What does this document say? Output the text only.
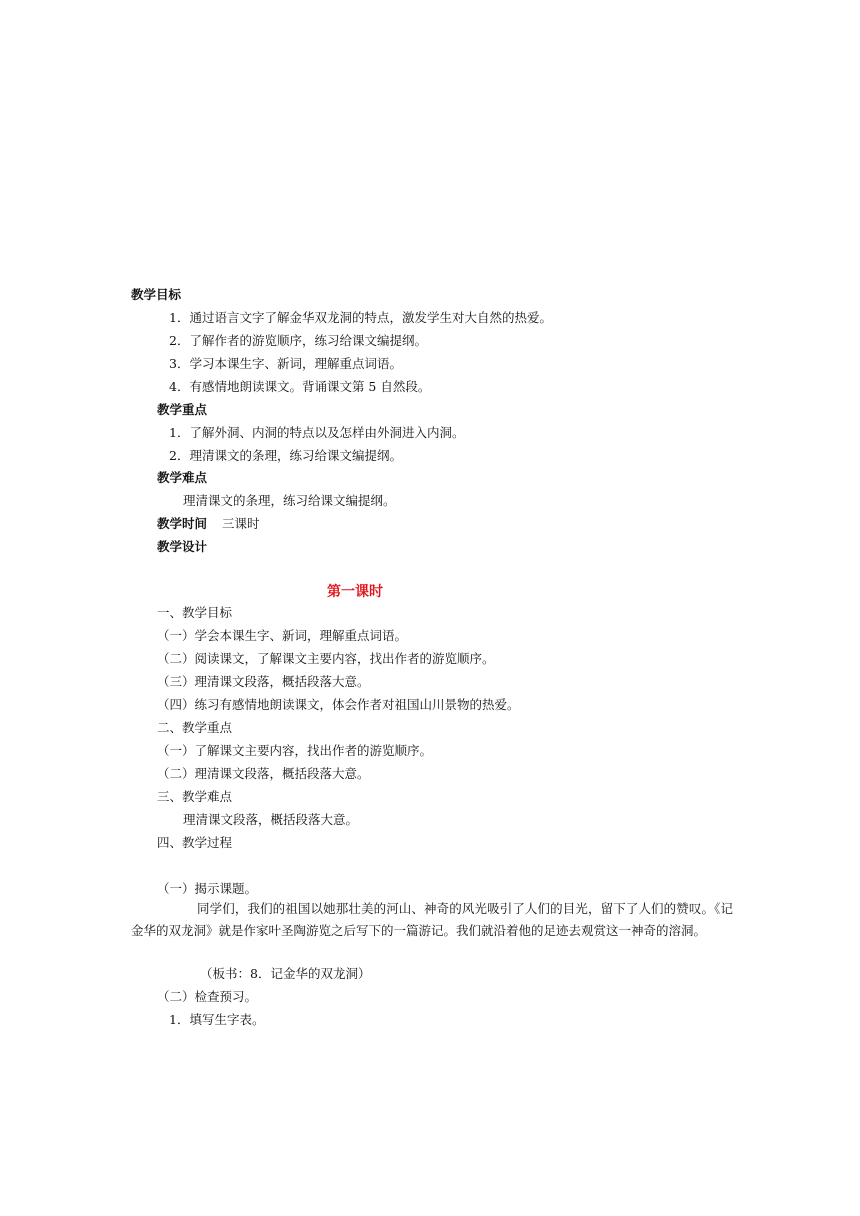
教学目标
1．通过语言文字了解金华双龙洞的特点，激发学生对大自然的热爱。
2．了解作者的游览顺序，练习给课文编提纲。
3．学习本课生字、新词，理解重点词语。
4．有感情地朗读课文。背诵课文第 5 自然段。
教学重点
1．了解外洞、内洞的特点以及怎样由外洞进入内洞。
2．理清课文的条理，练习给课文编提纲。
教学难点
理清课文的条理，练习给课文编提纲。
教学时间 三课时
教学设计
第一课时
一、教学目标
（一）学会本课生字、新词，理解重点词语。
（二）阅读课文，了解课文主要内容，找出作者的游览顺序。
（三）理清课文段落，概括段落大意。
（四）练习有感情地朗读课文，体会作者对祖国山川景物的热爱。
二、教学重点
（一）了解课文主要内容，找出作者的游览顺序。
（二）理清课文段落，概括段落大意。
三、教学难点
理清课文段落，概括段落大意。
四、教学过程
（一）揭示课题。
同学们，我们的祖国以她那壮美的河山、神奇的风光吸引了人们的目光，留下了人们的赞叹。《记金华的双龙洞》就是作家叶圣陶游览之后写下的一篇游记。我们就沿着他的足迹去观赏这一神奇的溶洞。
（板书：8．记金华的双龙洞）
（二）检查预习。
1．填写生字表。
